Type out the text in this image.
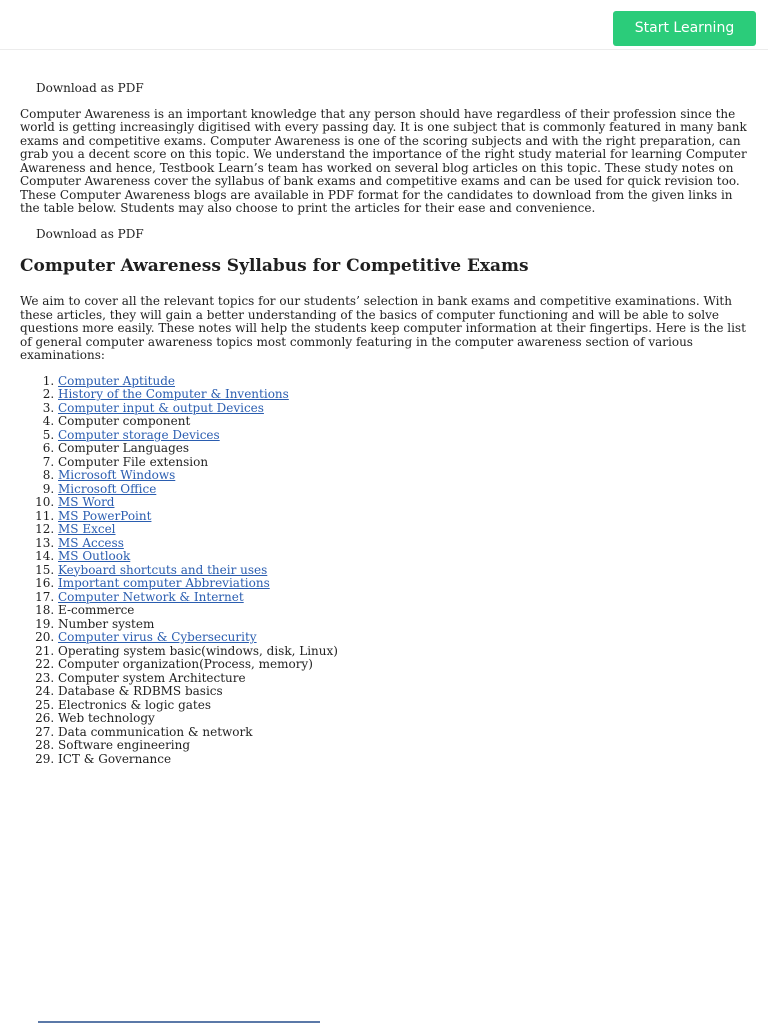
Start Learning
Download as PDF

Computer Awareness is an important knowledge that any person should have regardless of their profession since the world is getting increasingly digitised with every passing day. It is one subject that is commonly featured in many bank exams and competitive exams. Computer Awareness is one of the scoring subjects and with the right preparation, can grab you a decent score on this topic. We understand the importance of the right study material for learning Computer Awareness and hence, Testbook Learn’s team has worked on several blog articles on this topic. These study notes on Computer Awareness cover the syllabus of bank exams and competitive exams and can be used for quick revision too. These Computer Awareness blogs are available in PDF format for the candidates to download from the given links in the table below. Students may also choose to print the articles for their ease and convenience.

Download as PDF
Computer Awareness Syllabus for Competitive Exams

We aim to cover all the relevant topics for our students’ selection in bank exams and competitive examinations. With these articles, they will gain a better understanding of the basics of computer functioning and will be able to solve questions more easily. These notes will help the students keep computer information at their fingertips. Here is the list of general computer awareness topics most commonly featuring in the computer awareness section of various examinations:

1. Computer Aptitude
2. History of the Computer & Inventions
3. Computer input & output Devices
4. Computer component
5. Computer storage Devices
6. Computer Languages
7. Computer File extension
8. Microsoft Windows
9. Microsoft Office
10. MS Word
11. MS PowerPoint
12. MS Excel
13. MS Access
14. MS Outlook
15. Keyboard shortcuts and their uses
16. Important computer Abbreviations
17. Computer Network & Internet
18. E-commerce
19. Number system
20. Computer virus & Cybersecurity
21. Operating system basic(windows, disk, Linux)
22. Computer organization(Process, memory)
23. Computer system Architecture
24. Database & RDBMS basics
25. Electronics & logic gates
26. Web technology
27. Data communication & network
28. Software engineering
29. ICT & Governance
